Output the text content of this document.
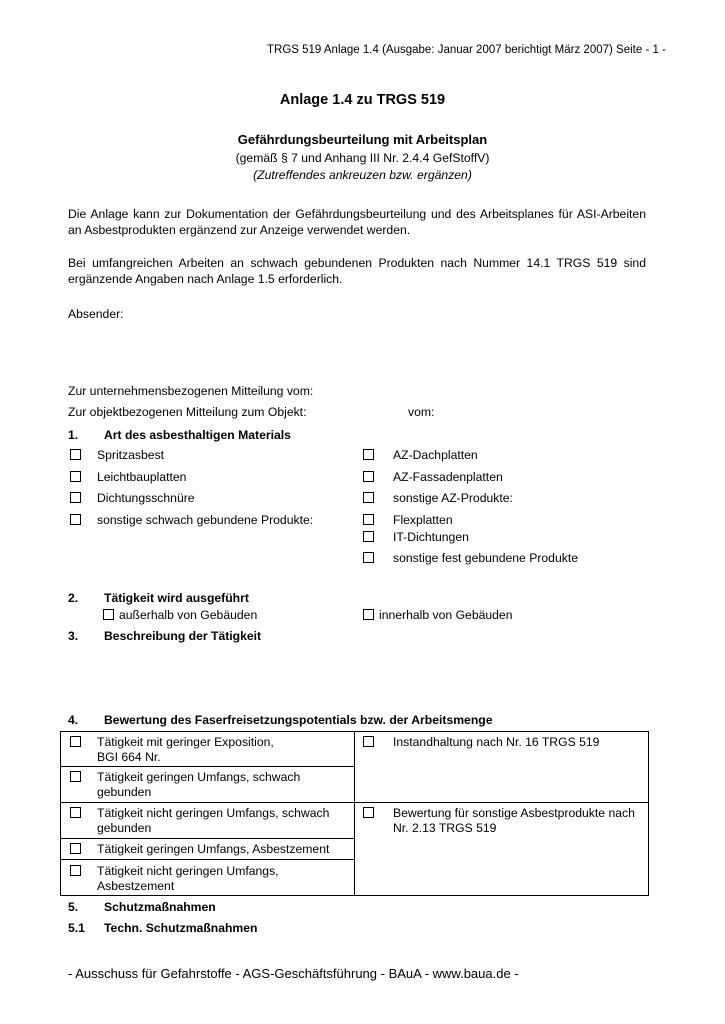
TRGS 519 Anlage 1.4 (Ausgabe: Januar 2007 berichtigt März 2007) Seite - 1 -
Anlage 1.4 zu TRGS 519
Gefährdungsbeurteilung mit Arbeitsplan
(gemäß § 7 und Anhang III Nr. 2.4.4 GefStoffV)
(Zutreffendes ankreuzen bzw. ergänzen)
Die Anlage kann zur Dokumentation der Gefährdungsbeurteilung und des Arbeitsplanes für ASI-Arbeiten
an Asbestprodukten ergänzend zur Anzeige verwendet werden.
Bei umfangreichen Arbeiten an schwach gebundenen Produkten nach Nummer 14.1 TRGS 519 sind
ergänzende Angaben nach Anlage 1.5 erforderlich.
Absender:
Zur unternehmensbezogenen Mitteilung vom:
Zur objektbezogenen Mitteilung zum Objekt:	vom:
1. Art des asbesthaltigen Materials
Spritzasbest
Leichtbauplatten
Dichtungsschnüre
sonstige schwach gebundene Produkte:
AZ-Dachplatten
AZ-Fassadenplatten
sonstige AZ-Produkte:
Flexplatten
IT-Dichtungen
sonstige fest gebundene Produkte
2. Tätigkeit wird ausgeführt
außerhalb von Gebäuden	innerhalb von Gebäuden
3. Beschreibung der Tätigkeit
4. Bewertung des Faserfreisetzungspotentials bzw. der Arbeitsmenge
Tätigkeit mit geringer Exposition,
BGI 664 Nr.
Tätigkeit geringen Umfangs, schwach
gebunden
Tätigkeit nicht geringen Umfangs, schwach
gebunden
Tätigkeit geringen Umfangs, Asbestzement
Tätigkeit nicht geringen Umfangs,
Asbestzement
Instandhaltung nach Nr. 16 TRGS 519
Bewertung für sonstige Asbestprodukte nach
Nr. 2.13 TRGS 519
5. Schutzmaßnahmen
5.1 Techn. Schutzmaßnahmen
- Ausschuss für Gefahrstoffe - AGS-Geschäftsführung - BAuA - www.baua.de -
